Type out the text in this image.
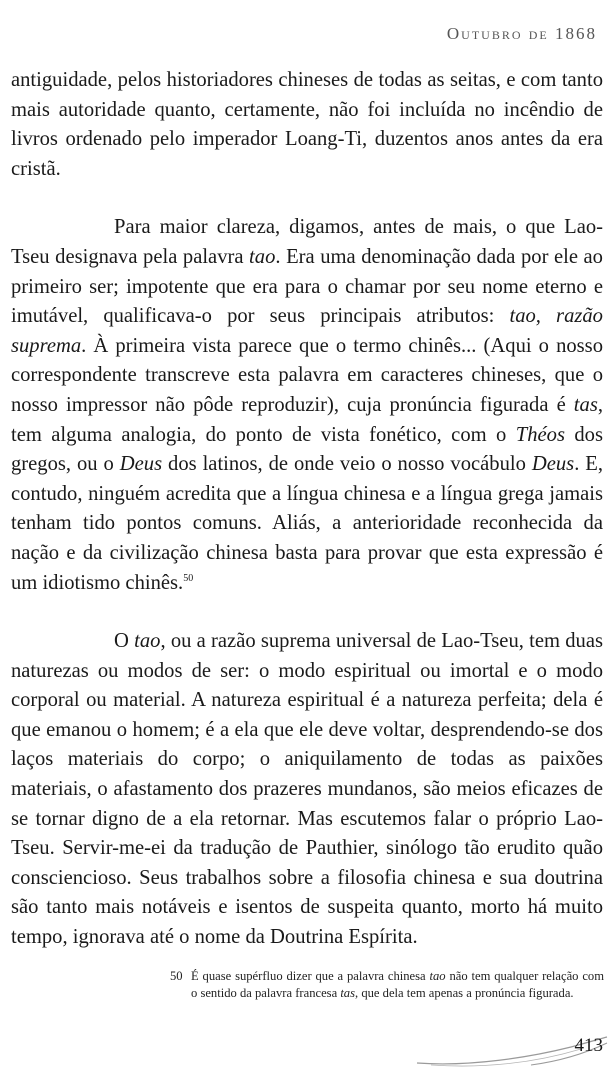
Outubro de 1868

antiguidade, pelos historiadores chineses de todas as seitas, e com tanto mais autoridade quanto, certamente, não foi incluída no incêndio de livros ordenado pelo imperador Loang-Ti, duzentos anos antes da era cristã.

Para maior clareza, digamos, antes de mais, o que Lao-Tseu designava pela palavra tao. Era uma denominação dada por ele ao primeiro ser; impotente que era para o chamar por seu nome eterno e imutável, qualificava-o por seus principais atributos: tao, razão suprema. À primeira vista parece que o termo chinês... (Aqui o nosso correspondente transcreve esta palavra em caracteres chineses, que o nosso impressor não pôde reproduzir), cuja pronúncia figurada é tas, tem alguma analogia, do ponto de vista fonético, com o Théos dos gregos, ou o Deus dos latinos, de onde veio o nosso vocábulo Deus. E, contudo, ninguém acredita que a língua chinesa e a língua grega jamais tenham tido pontos comuns. Aliás, a anterioridade reconhecida da nação e da civilização chinesa basta para provar que esta expressão é um idiotismo chinês.$^{50}$

O tao, ou a razão suprema universal de Lao-Tseu, tem duas naturezas ou modos de ser: o modo espiritual ou imortal e o modo corporal ou material. A natureza espiritual é a natureza perfeita; dela é que emanou o homem; é a ela que ele deve voltar, desprendendo-se dos laços materiais do corpo; o aniquilamento de todas as paixões materiais, o afastamento dos prazeres mundanos, são meios eficazes de se tornar digno de a ela retornar. Mas escutemos falar o próprio Lao-Tseu. Servir-me-ei da tradução de Pauthier, sinólogo tão erudito quão consciencioso. Seus trabalhos sobre a filosofia chinesa e sua doutrina são tanto mais notáveis e isentos de suspeita quanto, morto há muito tempo, ignorava até o nome da Doutrina Espírita.

50 É quase supérfluo dizer que a palavra chinesa tao não tem qualquer relação com o sentido da palavra francesa tas, que dela tem apenas a pronúncia figurada.
413
